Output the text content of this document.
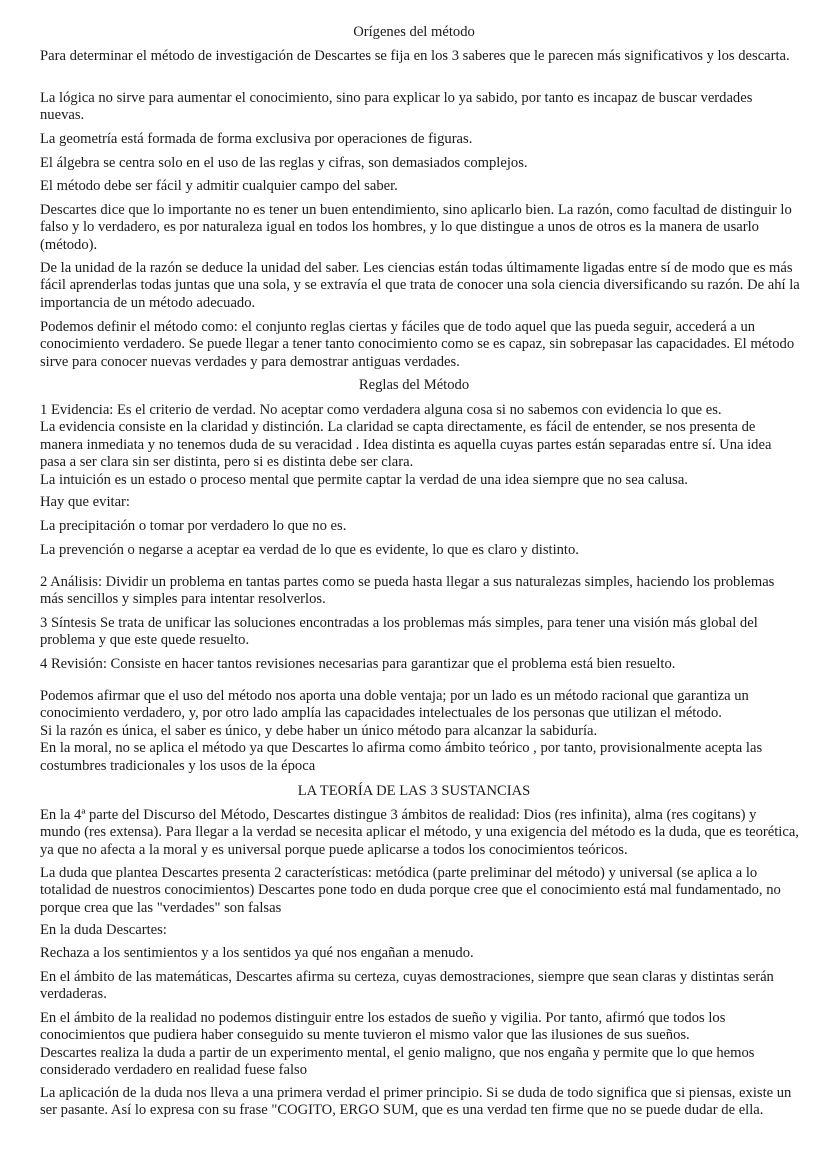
Orígenes del método

Para determinar el método de investigación de Descartes se fija en los 3 saberes que le parecen más significativos y los descarta.

La lógica no sirve para aumentar el conocimiento, sino para explicar lo ya sabido, por tanto es incapaz de buscar verdades nuevas.

La geometría está formada de forma exclusiva por operaciones de figuras.

El álgebra se centra solo en el uso de las reglas y cifras, son demasiados complejos.

El método debe ser fácil y admitir cualquier campo del saber.

Descartes dice que lo importante no es tener un buen entendimiento, sino aplicarlo bien. La razón, como facultad de distinguir lo falso y lo verdadero, es por naturaleza igual en todos los hombres, y lo que distingue a unos de otros es la manera de usarlo (método).

De la unidad de la razón se deduce la unidad del saber. Les ciencias están todas últimamente ligadas entre sí de modo que es más fácil aprenderlas todas juntas que una sola, y se extravía el que trata de conocer una sola ciencia diversificando su razón. De ahí la importancia de un método adecuado.

Podemos definir el método como: el conjunto reglas ciertas y fáciles que de todo aquel que las pueda seguir, accederá a un conocimiento verdadero. Se puede llegar a tener tanto conocimiento como se es capaz, sin sobrepasar las capacidades. El método sirve para conocer nuevas verdades y para demostrar antiguas verdades.

Reglas del Método
1 Evidencia: Es el criterio de verdad. No aceptar como verdadera alguna cosa si no sabemos con evidencia lo que es.
La evidencia consiste en la claridad y distinción. La claridad se capta directamente, es fácil de entender, se nos presenta de manera inmediata y no tenemos duda de su veracidad . Idea distinta es aquella cuyas partes están separadas entre sí. Una idea pasa a ser clara sin ser distinta, pero si es distinta debe ser clara.
La intuición es un estado o proceso mental que permite captar la verdad de una idea siempre que no sea calusa.

Hay que evitar:

La precipitación o tomar por verdadero lo que no es.

La prevención o negarse a aceptar ea verdad de lo que es evidente, lo que es claro y distinto.

2 Análisis: Dividir un problema en tantas partes como se pueda hasta llegar a sus naturalezas simples, haciendo los problemas más sencillos y simples para intentar resolverlos.

3 Síntesis Se trata de unificar las soluciones encontradas a los problemas más simples, para tener una visión más global del problema y que este quede resuelto.

4 Revisión: Consiste en hacer tantos revisiones necesarias para garantizar que el problema está bien resuelto.

Podemos afirmar que el uso del método nos aporta una doble ventaja; por un lado es un método racional que garantiza un conocimiento verdadero, y, por otro lado amplía las capacidades intelectuales de los personas que utilizan el método.
Si la razón es única, el saber es único, y debe haber un único método para alcanzar la sabiduría.
En la moral, no se aplica el método ya que Descartes lo afirma como ámbito teórico , por tanto, provisionalmente acepta las costumbres tradicionales y los usos de la época
LA TEORÍA DE LAS 3 SUSTANCIAS

En la 4ª parte del Discurso del Método, Descartes distingue 3 ámbitos de realidad: Dios (res infinita), alma (res cogitans) y mundo (res extensa). Para llegar a la verdad se necesita aplicar el método, y una exigencia del método es la duda, que es teorética, ya que no afecta a la moral y es universal porque puede aplicarse a todos los conocimientos teóricos.

La duda que plantea Descartes presenta 2 características: metódica (parte preliminar del método) y universal (se aplica a lo totalidad de nuestros conocimientos) Descartes pone todo en duda porque cree que el conocimiento está mal fundamentado, no porque crea que las "verdades" son falsas

En la duda Descartes:

Rechaza a los sentimientos y a los sentidos ya qué nos engañan a menudo.

En el ámbito de las matemáticas, Descartes afirma su certeza, cuyas demostraciones, siempre que sean claras y distintas serán verdaderas.

En el ámbito de la realidad no podemos distinguir entre los estados de sueño y vigilia. Por tanto, afirmó que todos los conocimientos que pudiera haber conseguido su mente tuvieron el mismo valor que las ilusiones de sus sueños.
Descartes realiza la duda a partir de un experimento mental, el genio maligno, que nos engaña y permite que lo que hemos considerado verdadero en realidad fuese falso

La aplicación de la duda nos lleva a una primera verdad el primer principio. Si se duda de todo significa que si piensas, existe un ser pasante. Así lo expresa con su frase "COGITO, ERGO SUM, que es una verdad ten firme que no se puede dudar de ella.
